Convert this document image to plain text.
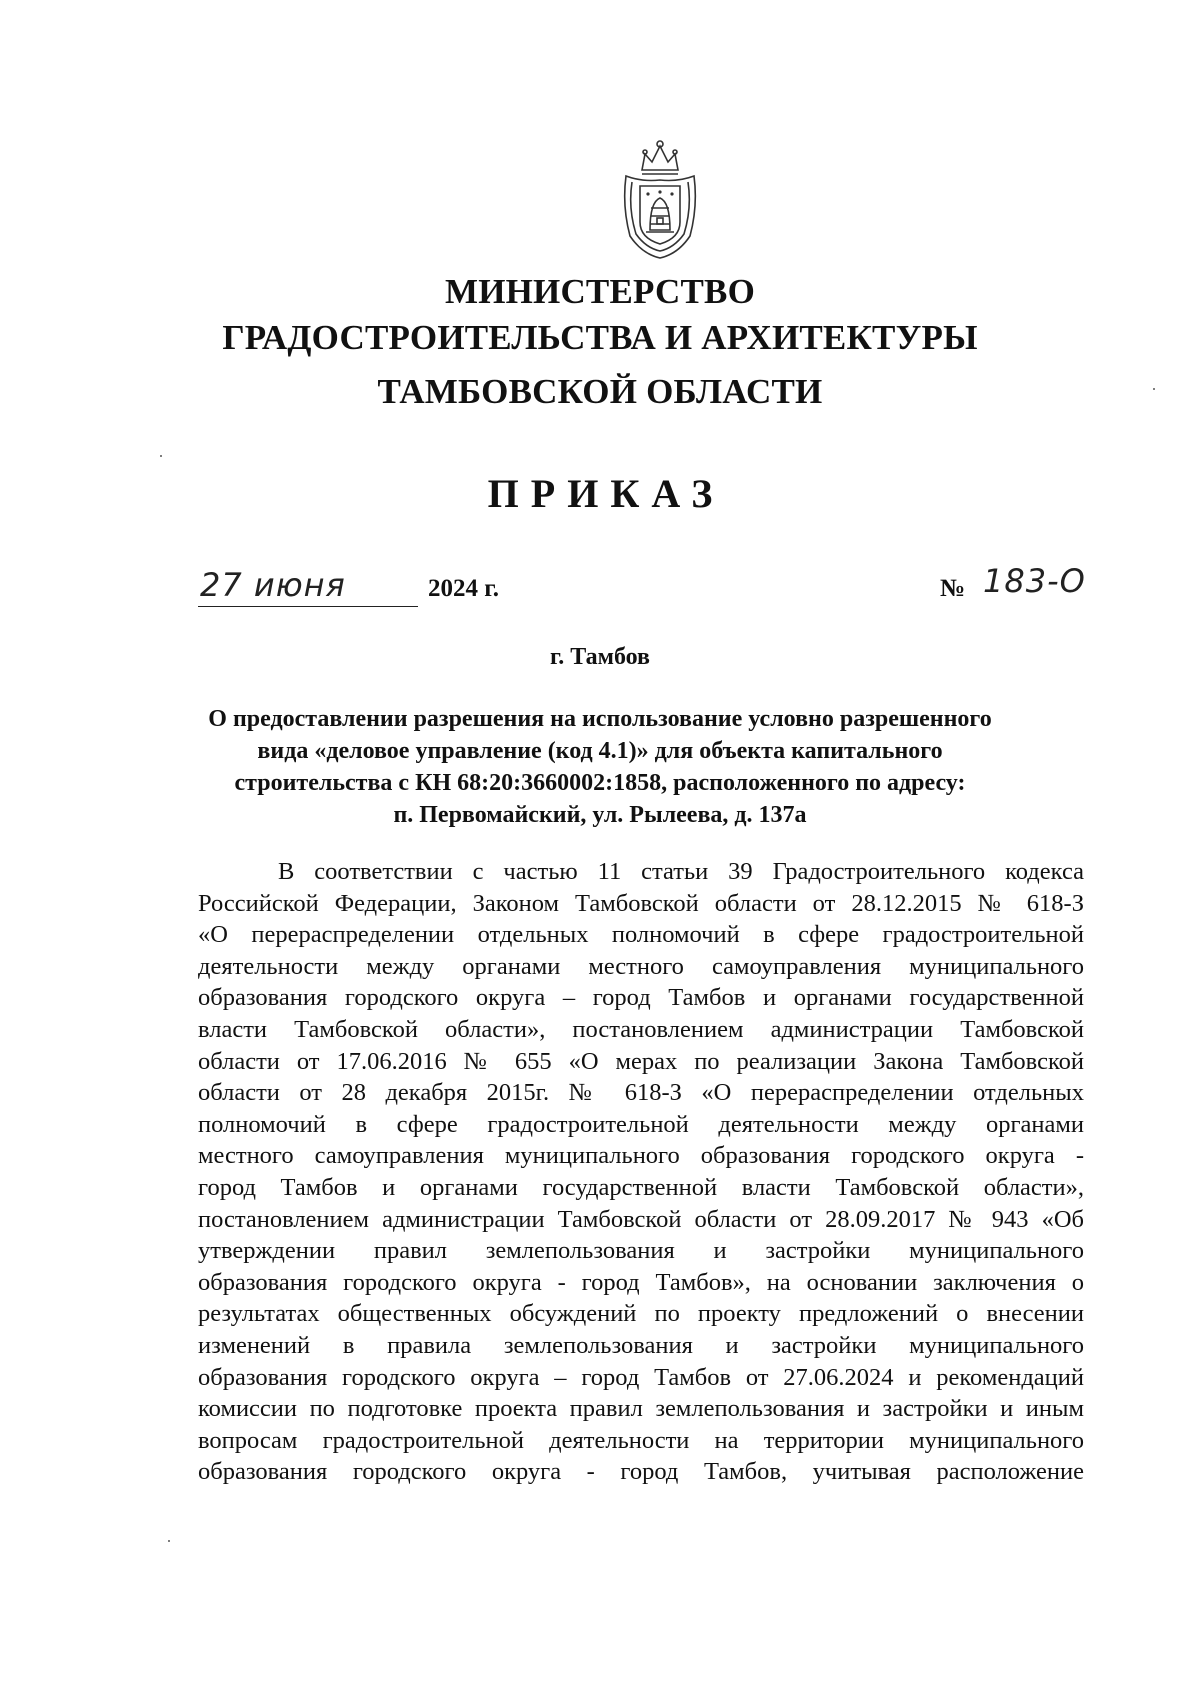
МИНИСТЕРСТВО
ГРАДОСТРОИТЕЛЬСТВА И АРХИТЕКТУРЫ
ТАМБОВСКОЙ ОБЛАСТИ
ПРИКАЗ
27 июня	2024 г.	№ 183-О
г. Тамбов
О предоставлении разрешения на использование условно разрешенного
вида «деловое управление (код 4.1)» для объекта капитального
строительства с КН 68:20:3660002:1858, расположенного по адресу:
п. Первомайский, ул. Рылеева, д. 137а
В соответствии с частью 11 статьи 39 Градостроительного кодекса
Российской Федерации, Законом Тамбовской области от 28.12.2015 № 618-З
«О перераспределении отдельных полномочий в сфере градостроительной
деятельности между органами местного самоуправления муниципального
образования городского округа – город Тамбов и органами государственной
власти Тамбовской области», постановлением администрации Тамбовской
области от 17.06.2016 № 655 «О мерах по реализации Закона Тамбовской
области от 28 декабря 2015г. № 618-З «О перераспределении отдельных
полномочий в сфере градостроительной деятельности между органами
местного самоуправления муниципального образования городского округа -
город Тамбов и органами государственной власти Тамбовской области»,
постановлением администрации Тамбовской области от 28.09.2017 № 943 «Об
утверждении правил землепользования и застройки муниципального
образования городского округа - город Тамбов», на основании заключения о
результатах общественных обсуждений по проекту предложений о внесении
изменений в правила землепользования и застройки муниципального
образования городского округа – город Тамбов от 27.06.2024 и рекомендаций
комиссии по подготовке проекта правил землепользования и застройки и иным
вопросам градостроительной деятельности на территории муниципального
образования городского округа - город Тамбов, учитывая расположение
